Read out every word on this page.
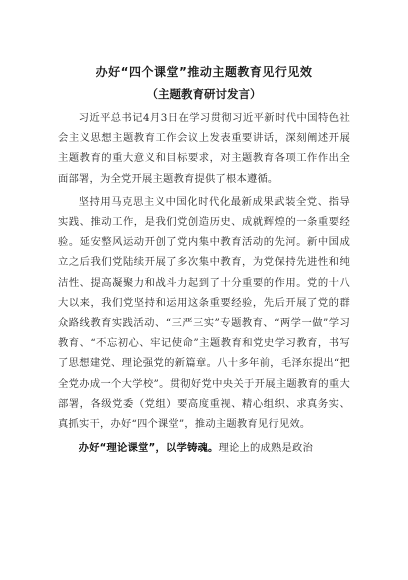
办好“四个课堂”推动主题教育见行见效
（主题教育研讨发言）

习近平总书记4月3日在学习贯彻习近平新时代中国特色社会主义思想主题教育工作会议上发表重要讲话，深刻阐述开展主题教育的重大意义和目标要求，对主题教育各项工作作出全面部署，为全党开展主题教育提供了根本遵循。

坚持用马克思主义中国化时代化最新成果武装全党、指导实践、推动工作，是我们党创造历史、成就辉煌的一条重要经验。延安整风运动开创了党内集中教育活动的先河。新中国成立之后我们党陆续开展了多次集中教育，为党保持先进性和纯洁性、提高凝聚力和战斗力起到了十分重要的作用。党的十八大以来，我们党坚持和运用这条重要经验，先后开展了党的群众路线教育实践活动、“三严三实”专题教育、“两学一做”学习教育、“不忘初心、牢记使命”主题教育和党史学习教育，书写了思想建党、理论强党的新篇章。八十多年前，毛泽东提出“把全党办成一个大学校”。贯彻好党中央关于开展主题教育的重大部署，各级党委（党组）要高度重视、精心组织、求真务实、真抓实干，办好“四个课堂”，推动主题教育见行见效。

办好“理论课堂”，以学铸魂。理论上的成熟是政治
